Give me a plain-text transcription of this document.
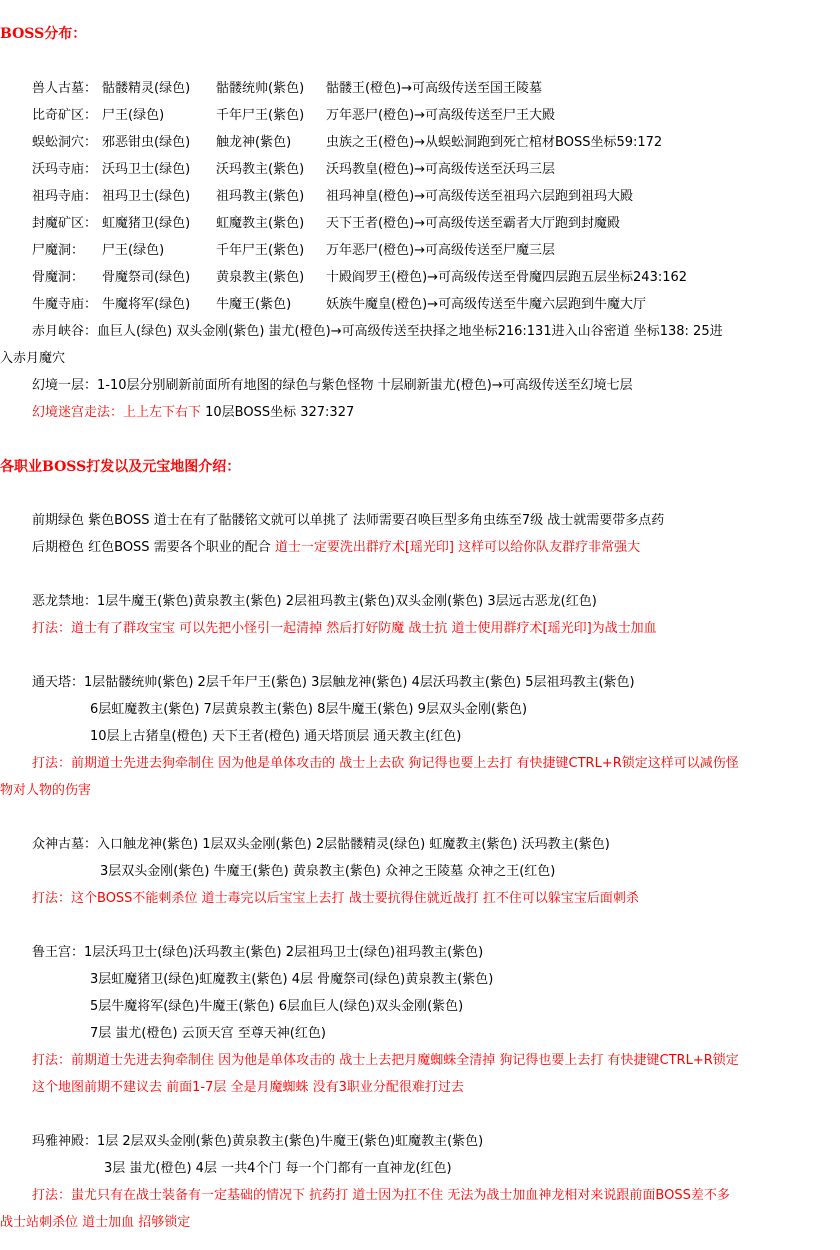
BOSS分布：
兽人古墓： 骷髅精灵(绿色) 骷髅统帅(紫色) 骷髅王(橙色)→可高级传送至国王陵墓
比奇矿区： 尸王(绿色)	千年尸王(紫色) 万年恶尸(橙色)→可高级传送至尸王大殿
蜈蚣洞穴： 邪恶钳虫(绿色) 触龙神(紫色)	虫族之王(橙色)→从蜈蚣洞跑到死亡棺材BOSS坐标59:172
沃玛寺庙： 沃玛卫士(绿色) 沃玛教主(紫色) 沃玛教皇(橙色)→可高级传送至沃玛三层
祖玛寺庙： 祖玛卫士(绿色) 祖玛教主(紫色) 祖玛神皇(橙色)→可高级传送至祖玛六层跑到祖玛大殿
封魔矿区： 虹魔猪卫(绿色) 虹魔教主(紫色) 天下王者(橙色)→可高级传送至霸者大厅跑到封魔殿
尸魔洞： 尸王(绿色)	千年尸王(紫色) 万年恶尸(橙色)→可高级传送至尸魔三层
骨魔洞： 骨魔祭司(绿色) 黄泉教主(紫色) 十殿阎罗王(橙色)→可高级传送至骨魔四层跑五层坐标243:162
牛魔寺庙： 牛魔将军(绿色) 牛魔王(紫色)	妖族牛魔皇(橙色)→可高级传送至牛魔六层跑到牛魔大厅
赤月峡谷：血巨人(绿色) 双头金刚(紫色) 蚩尤(橙色)→可高级传送至抉择之地坐标216:131进入山谷密道 坐标138: 25进
入赤月魔穴
幻境一层：1-10层分别刷新前面所有地图的绿色与紫色怪物 十层刷新蚩尤(橙色)→可高级传送至幻境七层
幻境迷宫走法：上上左下右下 10层BOSS坐标 327:327
各职业BOSS打发以及元宝地图介绍：
前期绿色 紫色BOSS 道士在有了骷髅铭文就可以单挑了 法师需要召唤巨型多角虫练至7级 战士就需要带多点药
后期橙色 红色BOSS 需要各个职业的配合 道士一定要洗出群疗术[瑶光印] 这样可以给你队友群疗非常强大
恶龙禁地：1层牛魔王(紫色)黄泉教主(紫色) 2层祖玛教主(紫色)双头金刚(紫色) 3层远古恶龙(红色)
打法：道士有了群攻宝宝 可以先把小怪引一起清掉 然后打好防魔 战士抗 道士使用群疗术[瑶光印]为战士加血
通天塔：1层骷髅统帅(紫色) 2层千年尸王(紫色) 3层触龙神(紫色) 4层沃玛教主(紫色) 5层祖玛教主(紫色)
6层虹魔教主(紫色) 7层黄泉教主(紫色) 8层牛魔王(紫色) 9层双头金刚(紫色)
10层上古猪皇(橙色) 天下王者(橙色) 通天塔顶层 通天教主(红色)
打法：前期道士先进去狗牵制住 因为他是单体攻击的 战士上去砍 狗记得也要上去打 有快捷键CTRL+R锁定这样可以减伤怪
物对人物的伤害
众神古墓：入口触龙神(紫色) 1层双头金刚(紫色) 2层骷髅精灵(绿色) 虹魔教主(紫色) 沃玛教主(紫色)
3层双头金刚(紫色) 牛魔王(紫色) 黄泉教主(紫色) 众神之王陵墓 众神之王(红色)
打法：这个BOSS不能刺杀位 道士毒完以后宝宝上去打 战士要抗得住就近战打 扛不住可以躲宝宝后面刺杀
鲁王宫：1层沃玛卫士(绿色)沃玛教主(紫色) 2层祖玛卫士(绿色)祖玛教主(紫色)
3层虹魔猪卫(绿色)虹魔教主(紫色) 4层 骨魔祭司(绿色)黄泉教主(紫色)
5层牛魔将军(绿色)牛魔王(紫色) 6层血巨人(绿色)双头金刚(紫色)
7层 蚩尤(橙色) 云顶天宫 至尊天神(红色)
打法：前期道士先进去狗牵制住 因为他是单体攻击的 战士上去把月魔蜘蛛全清掉 狗记得也要上去打 有快捷键CTRL+R锁定
这个地图前期不建议去 前面1-7层 全是月魔蜘蛛 没有3职业分配很难打过去
玛雅神殿：1层 2层双头金刚(紫色)黄泉教主(紫色)牛魔王(紫色)虹魔教主(紫色)
3层 蚩尤(橙色) 4层 一共4个门 每一个门都有一直神龙(红色)
打法：蚩尤只有在战士装备有一定基础的情况下 抗药打 道士因为扛不住 无法为战士加血神龙相对来说跟前面BOSS差不多
战士站刺杀位 道士加血 招够锁定
